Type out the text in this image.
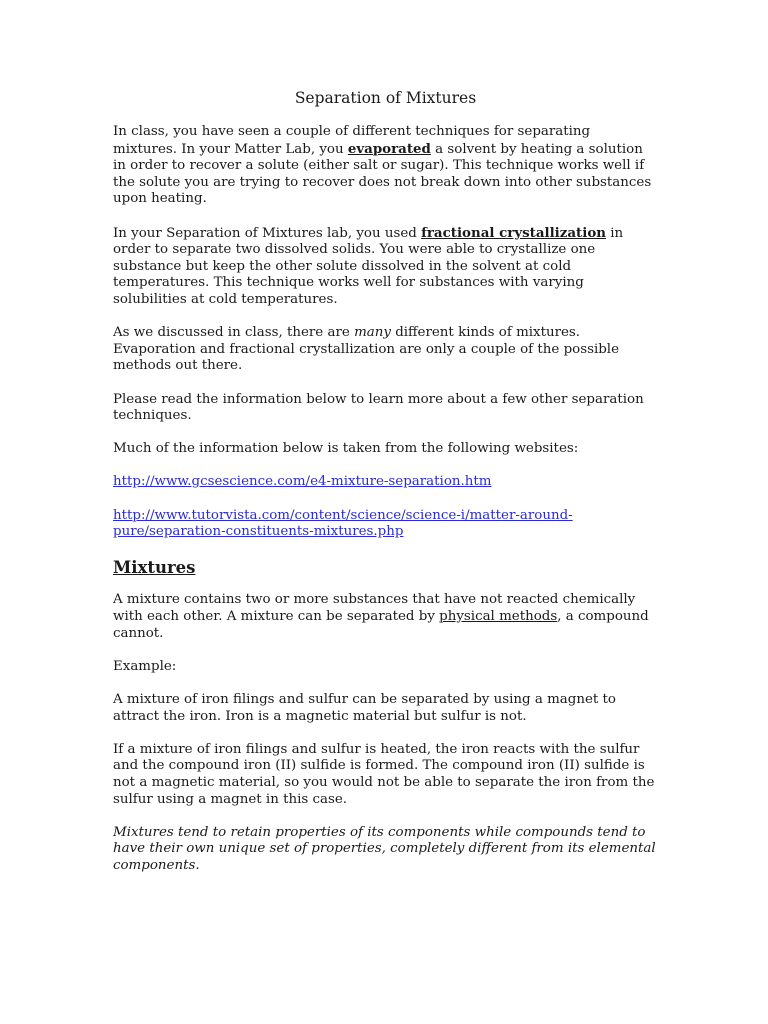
Separation of Mixtures

In class, you have seen a couple of different techniques for separating mixtures. In your Matter Lab, you evaporated a solvent by heating a solution in order to recover a solute (either salt or sugar). This technique works well if the solute you are trying to recover does not break down into other substances upon heating.

In your Separation of Mixtures lab, you used fractional crystallization in order to separate two dissolved solids. You were able to crystallize one substance but keep the other solute dissolved in the solvent at cold temperatures. This technique works well for substances with varying solubilities at cold temperatures.

As we discussed in class, there are many different kinds of mixtures. Evaporation and fractional crystallization are only a couple of the possible methods out there.

Please read the information below to learn more about a few other separation techniques.

Much of the information below is taken from the following websites:

http://www.gcsescience.com/e4-mixture-separation.htm

http://www.tutorvista.com/content/science/science-i/matter-around-pure/separation-constituents-mixtures.php

Mixtures

A mixture contains two or more substances that have not reacted chemically with each other. A mixture can be separated by physical methods, a compound cannot.

Example:

A mixture of iron filings and sulfur can be separated by using a magnet to attract the iron. Iron is a magnetic material but sulfur is not.

If a mixture of iron filings and sulfur is heated, the iron reacts with the sulfur and the compound iron (II) sulfide is formed. The compound iron (II) sulfide is not a magnetic material, so you would not be able to separate the iron from the sulfur using a magnet in this case.

Mixtures tend to retain properties of its components while compounds tend to have their own unique set of properties, completely different from its elemental components.
